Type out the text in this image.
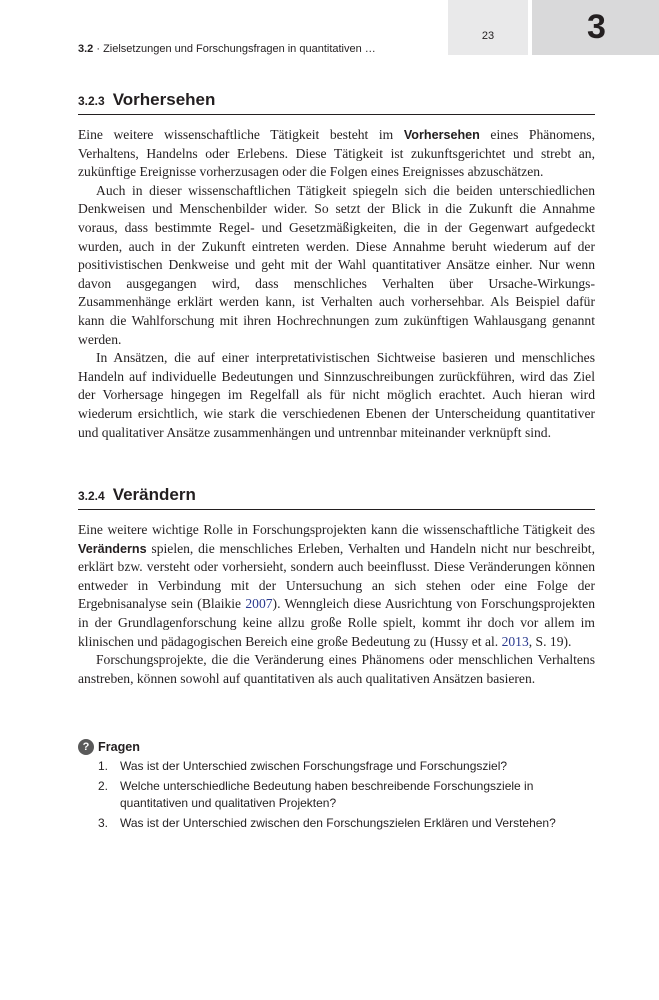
3.2 · Zielsetzungen und Forschungsfragen in quantitativen …
23	3
3.2.3 Vorhersehen

Eine weitere wissenschaftliche Tätigkeit besteht im Vorhersehen eines Phänomens, Verhaltens, Handelns oder Erlebens. Diese Tätigkeit ist zukunftsgerichtet und strebt an, zukünftige Ereignisse vorherzusagen oder die Folgen eines Ereignisses abzuschätzen.

Auch in dieser wissenschaftlichen Tätigkeit spiegeln sich die beiden unterschiedlichen Denkweisen und Menschenbilder wider. So setzt der Blick in die Zukunft die Annahme voraus, dass bestimmte Regel- und Gesetzmäßigkeiten, die in der Gegenwart aufgedeckt wurden, auch in der Zukunft eintreten werden. Diese Annahme beruht wiederum auf der positivistischen Denkweise und geht mit der Wahl quantitativer Ansätze einher. Nur wenn davon ausgegangen wird, dass menschliches Verhalten über Ursache-Wirkungs-Zusammenhänge erklärt werden kann, ist Verhalten auch vorhersehbar. Als Beispiel dafür kann die Wahlforschung mit ihren Hochrechnungen zum zukünftigen Wahlausgang genannt werden.

In Ansätzen, die auf einer interpretativistischen Sichtweise basieren und menschliches Handeln auf individuelle Bedeutungen und Sinnzuschreibungen zurückführen, wird das Ziel der Vorhersage hingegen im Regelfall als für nicht möglich erachtet. Auch hieran wird wiederum ersichtlich, wie stark die verschiedenen Ebenen der Unterscheidung quantitativer und qualitativer Ansätze zusammenhängen und untrennbar miteinander verknüpft sind.

3.2.4 Verändern

Eine weitere wichtige Rolle in Forschungsprojekten kann die wissenschaftliche Tätigkeit des Veränderns spielen, die menschliches Erleben, Verhalten und Handeln nicht nur beschreibt, erklärt bzw. versteht oder vorhersieht, sondern auch beeinflusst. Diese Veränderungen können entweder in Verbindung mit der Untersuchung an sich stehen oder eine Folge der Ergebnisanalyse sein (Blaikie 2007). Wenngleich diese Ausrichtung von Forschungsprojekten in der Grundlagenforschung keine allzu große Rolle spielt, kommt ihr doch vor allem im klinischen und pädagogischen Bereich eine große Bedeutung zu (Hussy et al. 2013, S. 19).

Forschungsprojekte, die die Veränderung eines Phänomens oder menschlichen Verhaltens anstreben, können sowohl auf quantitativen als auch qualitativen Ansätzen basieren.

? Fragen
1. Was ist der Unterschied zwischen Forschungsfrage und Forschungsziel?
2. Welche unterschiedliche Bedeutung haben beschreibende Forschungsziele in quantitativen und qualitativen Projekten?
3. Was ist der Unterschied zwischen den Forschungszielen Erklären und Verstehen?
